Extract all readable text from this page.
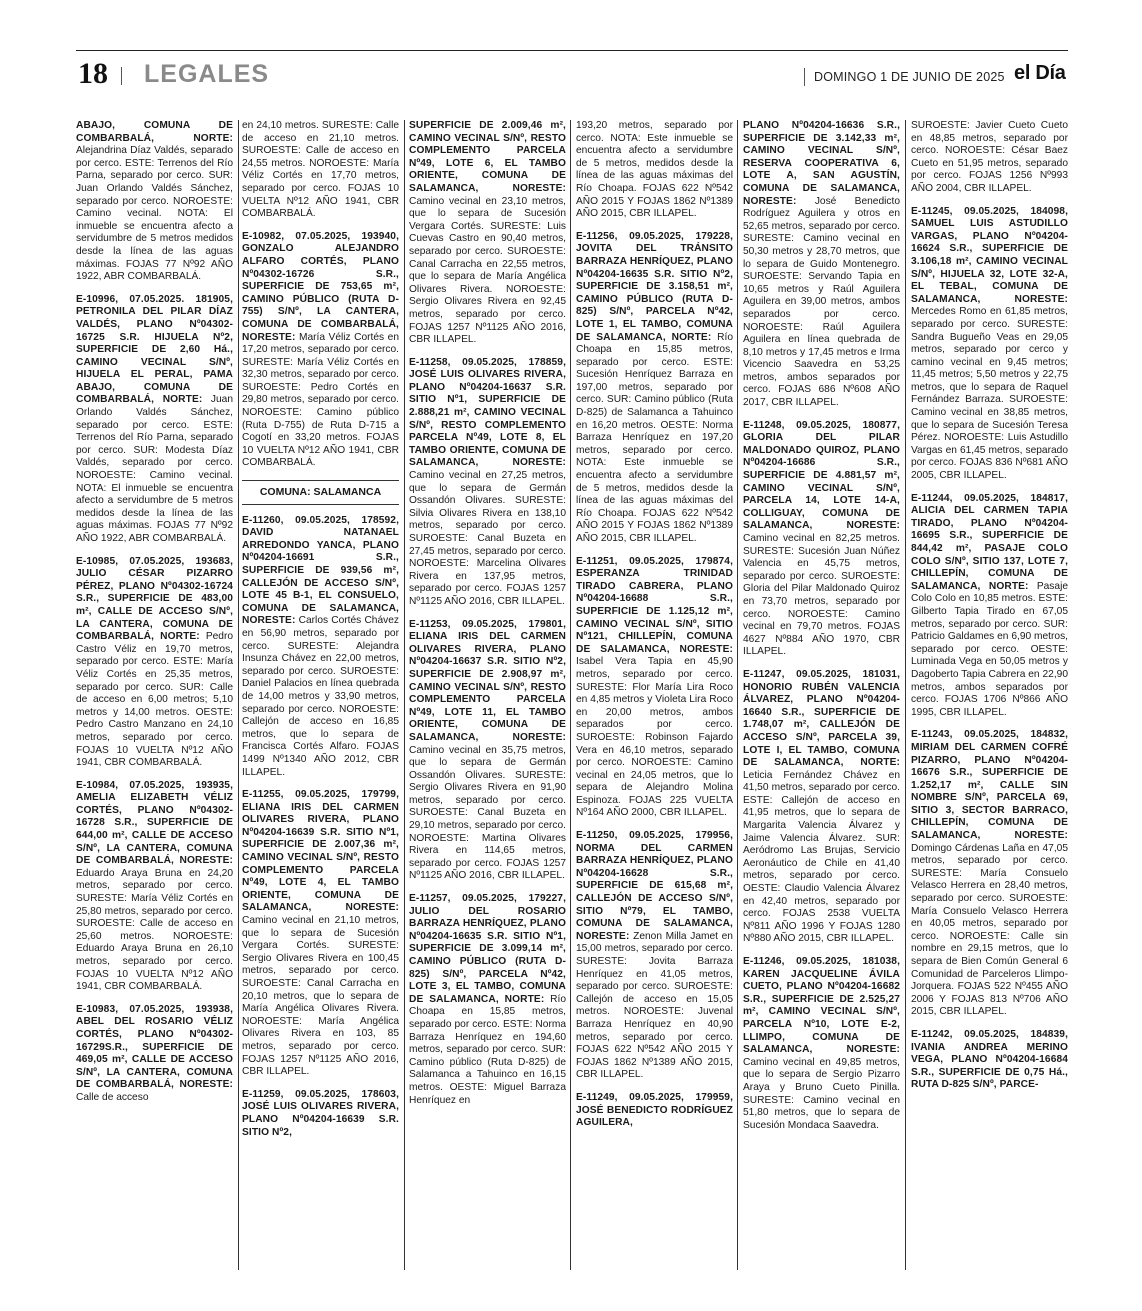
18 LEGALES	DOMINGO 1 DE JUNIO DE 2025 el Día
ABAJO, COMUNA DE COMBARBALÁ, NORTE: Alejandrina Díaz Valdés, separado por cerco. ESTE: Terrenos del Río Parna, separado por cerco. SUR: Juan Orlando Valdés Sánchez, separado por cerco. NOROESTE: Camino vecinal. NOTA: El inmueble se encuentra afecto a servidumbre de 5 metros medidos desde la línea de las aguas máximas. FOJAS 77 Nº92 AÑO 1922, ABR COMBARBALÁ.
E-10996, 07.05.2025. 181905, PETRONILA DEL PILAR DÍAZ VALDÉS, PLANO Nº04302-16725 S.R. HIJUELA Nº2, SUPERFICIE DE 2,60 Há., CAMINO VECINAL S/Nº, HIJUELA EL PERAL, PAMA ABAJO, COMUNA DE COMBARBALÁ, NORTE: Juan Orlando Valdés Sánchez, separado por cerco. ESTE: Terrenos del Río Parna, separado por cerco. SUR: Modesta Díaz Valdés, separado por cerco. NOROESTE: Camino vecinal. NOTA: El inmueble se encuentra afecto a servidumbre de 5 metros medidos desde la línea de las aguas máximas. FOJAS 77 Nº92 AÑO 1922, ABR COMBARBALÁ.
E-10985, 07.05.2025, 193683, JULIO CÉSAR PIZARRO PÉREZ, PLANO Nº04302-16724 S.R., SUPERFICIE DE 483,00 m², CALLE DE ACCESO S/Nº, LA CANTERA, COMUNA DE COMBARBALÁ, NORTE: Pedro Castro Véliz en 19,70 metros, separado por cerco. ESTE: María Véliz Cortés en 25,35 metros, separado por cerco. SUR: Calle de acceso en 6,00 metros; 5,10 metros y 14,00 metros. OESTE: Pedro Castro Manzano en 24,10 metros, separado por cerco. FOJAS 10 VUELTA Nº12 AÑO 1941, CBR COMBARBALÁ.
E-10984, 07.05.2025, 193935, AMELIA ELIZABETH VÉLIZ CORTÉS, PLANO Nº04302-16728 S.R., SUPERFICIE DE 644,00 m², CALLE DE ACCESO S/Nº, LA CANTERA, COMUNA DE COMBARBALÁ, NORESTE: Eduardo Araya Bruna en 24,20 metros, separado por cerco. SURESTE: María Véliz Cortés en 25,80 metros, separado por cerco. SUROESTE: Calle de acceso en 25,60 metros. NOROESTE: Eduardo Araya Bruna en 26,10 metros, separado por cerco. FOJAS 10 VUELTA Nº12 AÑO 1941, CBR COMBARBALÁ.
E-10983, 07.05.2025, 193938, ABEL DEL ROSARIO VÉLIZ CORTÉS, PLANO Nº04302-16729S.R., SUPERFICIE DE 469,05 m², CALLE DE ACCESO S/Nº, LA CANTERA, COMUNA DE COMBARBALÁ, NORESTE: Calle de acceso
en 24,10 metros. SURESTE: Calle de acceso en 21,10 metros. SUROESTE: Calle de acceso en 24,55 metros. NOROESTE: María Véliz Cortés en 17,70 metros, separado por cerco. FOJAS 10 VUELTA Nº12 AÑO 1941, CBR COMBARBALÁ.
E-10982, 07.05.2025, 193940, GONZALO ALEJANDRO ALFARO CORTÉS, PLANO Nº04302-16726 S.R., SUPERFICIE DE 753,65 m², CAMINO PÚBLICO (RUTA D-755) S/Nº, LA CANTERA, COMUNA DE COMBARBALÁ, NORESTE: María Véliz Cortés en 17,20 metros, separado por cerco. SURESTE: María Véliz Cortés en 32,30 metros, separado por cerco. SUROESTE: Pedro Cortés en 29,80 metros, separado por cerco. NOROESTE: Camino público (Ruta D-755) de Ruta D-715 a Cogotí en 33,20 metros. FOJAS 10 VUELTA Nº12 AÑO 1941, CBR COMBARBALÁ.
COMUNA: SALAMANCA
E-11260, 09.05.2025, 178592, DAVID NATANAEL ARREDONDO YANCA, PLANO Nº04204-16691 S.R., SUPERFICIE DE 939,56 m², CALLEJÓN DE ACCESO S/Nº, LOTE 45 B-1, EL CONSUELO, COMUNA DE SALAMANCA, NORESTE: Carlos Cortés Chávez en 56,90 metros, separado por cerco. SURESTE: Alejandra Insunza Chávez en 22,00 metros, separado por cerco. SUROESTE: Daniel Palacios en línea quebrada de 14,00 metros y 33,90 metros, separado por cerco. NOROESTE: Callejón de acceso en 16,85 metros, que lo separa de Francisca Cortés Alfaro. FOJAS 1499 Nº1340 AÑO 2012, CBR ILLAPEL.
E-11255, 09.05.2025, 179799, ELIANA IRIS DEL CARMEN OLIVARES RIVERA, PLANO Nº04204-16639 S.R. SITIO Nº1, SUPERFICIE DE 2.007,36 m², CAMINO VECINAL S/Nº, RESTO COMPLEMENTO PARCELA Nº49, LOTE 4, EL TAMBO ORIENTE, COMUNA DE SALAMANCA, NORESTE: Camino vecinal en 21,10 metros, que lo separa de Sucesión Vergara Cortés. SURESTE: Sergio Olivares Rivera en 100,45 metros, separado por cerco. SUROESTE: Canal Carracha en 20,10 metros, que lo separa de María Angélica Olivares Rivera. NOROESTE: María Angélica Olivares Rivera en 103, 85 metros, separado por cerco. FOJAS 1257 Nº1125 AÑO 2016, CBR ILLAPEL.
E-11259, 09.05.2025, 178603, JOSÉ LUIS OLIVARES RIVERA, PLANO Nº04204-16639 S.R. SITIO Nº2,
SUPERFICIE DE 2.009,46 m², CAMINO VECINAL S/Nº, RESTO COMPLEMENTO PARCELA Nº49, LOTE 6, EL TAMBO ORIENTE, COMUNA DE SALAMANCA, NORESTE: Camino vecinal en 23,10 metros, que lo separa de Sucesión Vergara Cortés. SURESTE: Luis Cuevas Castro en 90,40 metros, separado por cerco. SUROESTE: Canal Carracha en 22,55 metros, que lo separa de María Angélica Olivares Rivera. NOROESTE: Sergio Olivares Rivera en 92,45 metros, separado por cerco. FOJAS 1257 Nº1125 AÑO 2016, CBR ILLAPEL.
E-11258, 09.05.2025, 178859, JOSÉ LUIS OLIVARES RIVERA, PLANO Nº04204-16637 S.R. SITIO Nº1, SUPERFICIE DE 2.888,21 m², CAMINO VECINAL S/Nº, RESTO COMPLEMENTO PARCELA Nº49, LOTE 8, EL TAMBO ORIENTE, COMUNA DE SALAMANCA, NORESTE: Camino vecinal en 27,25 metros, que lo separa de Germán Ossandón Olivares. SURESTE: Silvia Olivares Rivera en 138,10 metros, separado por cerco. SUROESTE: Canal Buzeta en 27,45 metros, separado por cerco. NOROESTE: Marcelina Olivares Rivera en 137,95 metros, separado por cerco. FOJAS 1257 Nº1125 AÑO 2016, CBR ILLAPEL.
E-11253, 09.05.2025, 179801, ELIANA IRIS DEL CARMEN OLIVARES RIVERA, PLANO Nº04204-16637 S.R. SITIO Nº2, SUPERFICIE DE 2.908,97 m², CAMINO VECINAL S/Nº, RESTO COMPLEMENTO PARCELA Nº49, LOTE 11, EL TAMBO ORIENTE, COMUNA DE SALAMANCA, NORESTE: Camino vecinal en 35,75 metros, que lo separa de Germán Ossandón Olivares. SURESTE: Sergio Olivares Rivera en 91,90 metros, separado por cerco. SUROESTE: Canal Buzeta en 29,10 metros, separado por cerco. NOROESTE: Martina Olivares Rivera en 114,65 metros, separado por cerco. FOJAS 1257 Nº1125 AÑO 2016, CBR ILLAPEL.
E-11257, 09.05.2025, 179227, JULIO DEL ROSARIO BARRAZA HENRÍQUEZ, PLANO Nº04204-16635 S.R. SITIO Nº1, SUPERFICIE DE 3.099,14 m², CAMINO PÚBLICO (RUTA D-825) S/Nº, PARCELA Nº42, LOTE 3, EL TAMBO, COMUNA DE SALAMANCA, NORTE: Río Choapa en 15,85 metros, separado por cerco. ESTE: Norma Barraza Henríquez en 194,60 metros, separado por cerco. SUR: Camino público (Ruta D-825) de Salamanca a Tahuinco en 16,15 metros. OESTE: Miguel Barraza Henríquez en
193,20 metros, separado por cerco. NOTA: Este inmueble se encuentra afecto a servidumbre de 5 metros, medidos desde la línea de las aguas máximas del Río Choapa. FOJAS 622 Nº542 AÑO 2015 Y FOJAS 1862 Nº1389 AÑO 2015, CBR ILLAPEL.
E-11256, 09.05.2025, 179228, JOVITA DEL TRÁNSITO BARRAZA HENRÍQUEZ, PLANO Nº04204-16635 S.R. SITIO Nº2, SUPERFICIE DE 3.158,51 m², CAMINO PÚBLICO (RUTA D-825) S/Nº, PARCELA Nº42, LOTE 1, EL TAMBO, COMUNA DE SALAMANCA, NORTE: Río Choapa en 15,85 metros, separado por cerco. ESTE: Sucesión Henríquez Barraza en 197,00 metros, separado por cerco. SUR: Camino público (Ruta D-825) de Salamanca a Tahuinco en 16,20 metros. OESTE: Norma Barraza Henríquez en 197,20 metros, separado por cerco. NOTA: Este inmueble se encuentra afecto a servidumbre de 5 metros, medidos desde la línea de las aguas máximas del Río Choapa. FOJAS 622 Nº542 AÑO 2015 Y FOJAS 1862 Nº1389 AÑO 2015, CBR ILLAPEL.
E-11251, 09.05.2025, 179874, ESPERANZA TRINIDAD TIRADO CABRERA, PLANO Nº04204-16688 S.R., SUPERFICIE DE 1.125,12 m², CAMINO VECINAL S/Nº, SITIO Nº121, CHILLEPÍN, COMUNA DE SALAMANCA, NORESTE: Isabel Vera Tapia en 45,90 metros, separado por cerco. SURESTE: Flor María Lira Roco en 4,85 metros y Violeta Lira Roco en 20,00 metros, ambos separados por cerco. SUROESTE: Robinson Fajardo Vera en 46,10 metros, separado por cerco. NOROESTE: Camino vecinal en 24,05 metros, que lo separa de Alejandro Molina Espinoza. FOJAS 225 VUELTA Nº164 AÑO 2000, CBR ILLAPEL.
E-11250, 09.05.2025, 179956, NORMA DEL CARMEN BARRAZA HENRÍQUEZ, PLANO Nº04204-16628 S.R., SUPERFICIE DE 615,68 m², CALLEJÓN DE ACCESO S/Nº, SITIO Nº79, EL TAMBO, COMUNA DE SALAMANCA, NORESTE: Zenon Milla Jamet en 15,00 metros, separado por cerco. SURESTE: Jovita Barraza Henríquez en 41,05 metros, separado por cerco. SUROESTE: Callejón de acceso en 15,05 metros. NOROESTE: Juvenal Barraza Henríquez en 40,90 metros, separado por cerco. FOJAS 622 Nº542 AÑO 2015 Y FOJAS 1862 Nº1389 AÑO 2015, CBR ILLAPEL.
E-11249, 09.05.2025, 179959, JOSÉ BENEDICTO RODRÍGUEZ AGUILERA,
PLANO Nº04204-16636 S.R., SUPERFICIE DE 3.142,33 m², CAMINO VECINAL S/Nº, RESERVA COOPERATIVA 6, LOTE A, SAN AGUSTÍN, COMUNA DE SALAMANCA, NORESTE: José Benedicto Rodríguez Aguilera y otros en 52,65 metros, separado por cerco. SURESTE: Camino vecinal en 50,30 metros y 28,70 metros, que lo separa de Guido Montenegro. SUROESTE: Servando Tapia en 10,65 metros y Raúl Aguilera Aguilera en 39,00 metros, ambos separados por cerco. NOROESTE: Raúl Aguilera Aguilera en línea quebrada de 8,10 metros y 17,45 metros e Irma Vicencio Saavedra en 53,25 metros, ambos separados por cerco. FOJAS 686 Nº608 AÑO 2017, CBR ILLAPEL.
E-11248, 09.05.2025, 180877, GLORIA DEL PILAR MALDONADO QUIROZ, PLANO Nº04204-16686 S.R., SUPERFICIE DE 4.881,57 m², CAMINO VECINAL S/Nº, PARCELA 14, LOTE 14-A, COLLIGUAY, COMUNA DE SALAMANCA, NORESTE: Camino vecinal en 82,25 metros. SURESTE: Sucesión Juan Núñez Valencia en 45,75 metros, separado por cerco. SUROESTE: Gloria del Pilar Maldonado Quiroz en 73,70 metros, separado por cerco. NOROESTE: Camino vecinal en 79,70 metros. FOJAS 4627 Nº884 AÑO 1970, CBR ILLAPEL.
E-11247, 09.05.2025, 181031, HONORIO RUBÉN VALENCIA ÁLVAREZ, PLANO Nº04204-16640 S.R., SUPERFICIE DE 1.748,07 m², CALLEJÓN DE ACCESO S/Nº, PARCELA 39, LOTE I, EL TAMBO, COMUNA DE SALAMANCA, NORTE: Leticia Fernández Chávez en 41,50 metros, separado por cerco. ESTE: Callejón de acceso en 41,95 metros, que lo separa de Margarita Valencia Álvarez y Jaime Valencia Álvarez. SUR: Aeródromo Las Brujas, Servicio Aeronáutico de Chile en 41,40 metros, separado por cerco. OESTE: Claudio Valencia Álvarez en 42,40 metros, separado por cerco. FOJAS 2538 VUELTA Nº811 AÑO 1996 Y FOJAS 1280 Nº880 AÑO 2015, CBR ILLAPEL.
E-11246, 09.05.2025, 181038, KAREN JACQUELINE ÁVILA CUETO, PLANO Nº04204-16682 S.R., SUPERFICIE DE 2.525,27 m², CAMINO VECINAL S/Nº, PARCELA Nº10, LOTE E-2, LLIMPO, COMUNA DE SALAMANCA, NORESTE: Camino vecinal en 49,85 metros, que lo separa de Sergio Pizarro Araya y Bruno Cueto Pinilla. SURESTE: Camino vecinal en 51,80 metros, que lo separa de Sucesión Mondaca Saavedra.
SUROESTE: Javier Cueto Cueto en 48,85 metros, separado por cerco. NOROESTE: César Baez Cueto en 51,95 metros, separado por cerco. FOJAS 1256 Nº993 AÑO 2004, CBR ILLAPEL.
E-11245, 09.05.2025, 184098, SAMUEL LUIS ASTUDILLO VARGAS, PLANO Nº04204-16624 S.R., SUPERFICIE DE 3.106,18 m², CAMINO VECINAL S/Nº, HIJUELA 32, LOTE 32-A, EL TEBAL, COMUNA DE SALAMANCA, NORESTE: Mercedes Romo en 61,85 metros, separado por cerco. SURESTE: Sandra Bugueño Veas en 29,05 metros, separado por cerco y camino vecinal en 9,45 metros; 11,45 metros; 5,50 metros y 22,75 metros, que lo separa de Raquel Fernández Barraza. SUROESTE: Camino vecinal en 38,85 metros, que lo separa de Sucesión Teresa Pérez. NOROESTE: Luis Astudillo Vargas en 61,45 metros, separado por cerco. FOJAS 836 Nº681 AÑO 2005, CBR ILLAPEL.
E-11244, 09.05.2025, 184817, ALICIA DEL CARMEN TAPIA TIRADO, PLANO Nº04204-16695 S.R., SUPERFICIE DE 844,42 m², PASAJE COLO COLO S/Nº, SITIO 137, LOTE 7, CHILLEPÍN, COMUNA DE SALAMANCA, NORTE: Pasaje Colo Colo en 10,85 metros. ESTE: Gilberto Tapia Tirado en 67,05 metros, separado por cerco. SUR: Patricio Galdames en 6,90 metros, separado por cerco. OESTE: Luminada Vega en 50,05 metros y Dagoberto Tapia Cabrera en 22,90 metros, ambos separados por cerco. FOJAS 1706 Nº866 AÑO 1995, CBR ILLAPEL.
E-11243, 09.05.2025, 184832, MIRIAM DEL CARMEN COFRÉ PIZARRO, PLANO Nº04204-16676 S.R., SUPERFICIE DE 1.252,17 m², CALLE SIN NOMBRE S/Nº, PARCELA 69, SITIO 3, SECTOR BARRACO, CHILLEPÍN, COMUNA DE SALAMANCA, NORESTE: Domingo Cárdenas Laña en 47,05 metros, separado por cerco. SURESTE: María Consuelo Velasco Herrera en 28,40 metros, separado por cerco. SUROESTE: María Consuelo Velasco Herrera en 40,05 metros, separado por cerco. NOROESTE: Calle sin nombre en 29,15 metros, que lo separa de Bien Común General 6 Comunidad de Parceleros Llimpo-Jorquera. FOJAS 522 Nº455 AÑO 2006 Y FOJAS 813 Nº706 AÑO 2015, CBR ILLAPEL.
E-11242, 09.05.2025, 184839, IVANIA ANDREA MERINO VEGA, PLANO Nº04204-16684 S.R., SUPERFICIE DE 0,75 Há., RUTA D-825 S/Nº, PARCE-
